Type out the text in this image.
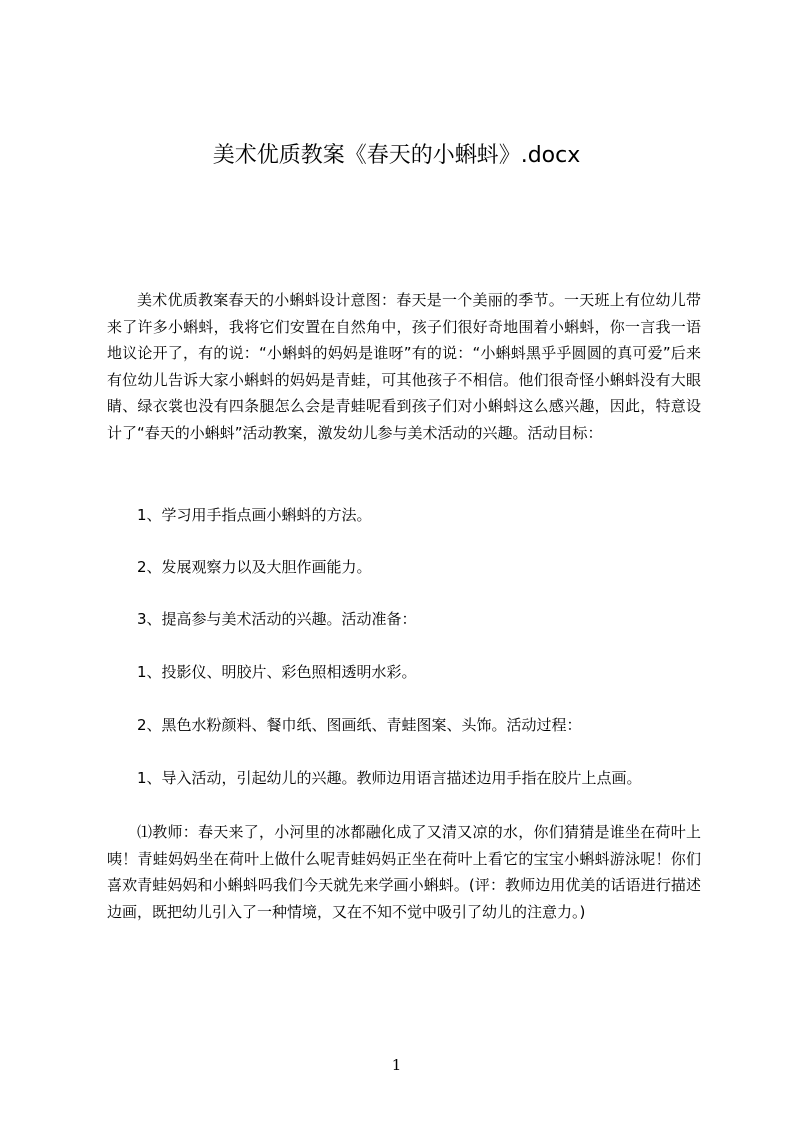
美术优质教案《春天的小蝌蚪》.docx
美术优质教案春天的小蝌蚪设计意图：春天是一个美丽的季节。一天班上有位幼儿带来了许多小蝌蚪，我将它们安置在自然角中，孩子们很好奇地围着小蝌蚪，你一言我一语地议论开了，有的说：“小蝌蚪的妈妈是谁呀”有的说：“小蝌蚪黑乎乎圆圆的真可爱”后来有位幼儿告诉大家小蝌蚪的妈妈是青蛙，可其他孩子不相信。他们很奇怪小蝌蚪没有大眼睛、绿衣裳也没有四条腿怎么会是青蛙呢看到孩子们对小蝌蚪这么感兴趣，因此，特意设计了“春天的小蝌蚪”活动教案，激发幼儿参与美术活动的兴趣。活动目标：
1、学习用手指点画小蝌蚪的方法。
2、发展观察力以及大胆作画能力。
3、提高参与美术活动的兴趣。活动准备：
1、投影仪、明胶片、彩色照相透明水彩。
2、黑色水粉颜料、餐巾纸、图画纸、青蛙图案、头饰。活动过程：
1、导入活动，引起幼儿的兴趣。教师边用语言描述边用手指在胶片上点画。
⑴教师：春天来了，小河里的冰都融化成了又清又凉的水，你们猜猜是谁坐在荷叶上咦！青蛙妈妈坐在荷叶上做什么呢青蛙妈妈正坐在荷叶上看它的宝宝小蝌蚪游泳呢！你们喜欢青蛙妈妈和小蝌蚪吗我们今天就先来学画小蝌蚪。(评：教师边用优美的话语进行描述边画，既把幼儿引入了一种情境，又在不知不觉中吸引了幼儿的注意力。)
1
